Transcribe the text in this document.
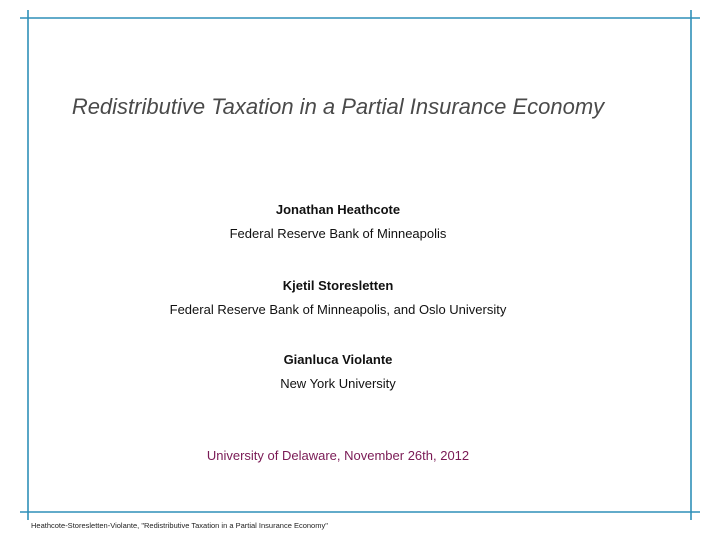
Redistributive Taxation in a Partial Insurance Economy
Jonathan Heathcote
Federal Reserve Bank of Minneapolis
Kjetil Storesletten
Federal Reserve Bank of Minneapolis, and Oslo University
Gianluca Violante
New York University
University of Delaware, November 26th, 2012
Heathcote-Storesletten-Violante, "Redistributive Taxation in a Partial Insurance Economy"
